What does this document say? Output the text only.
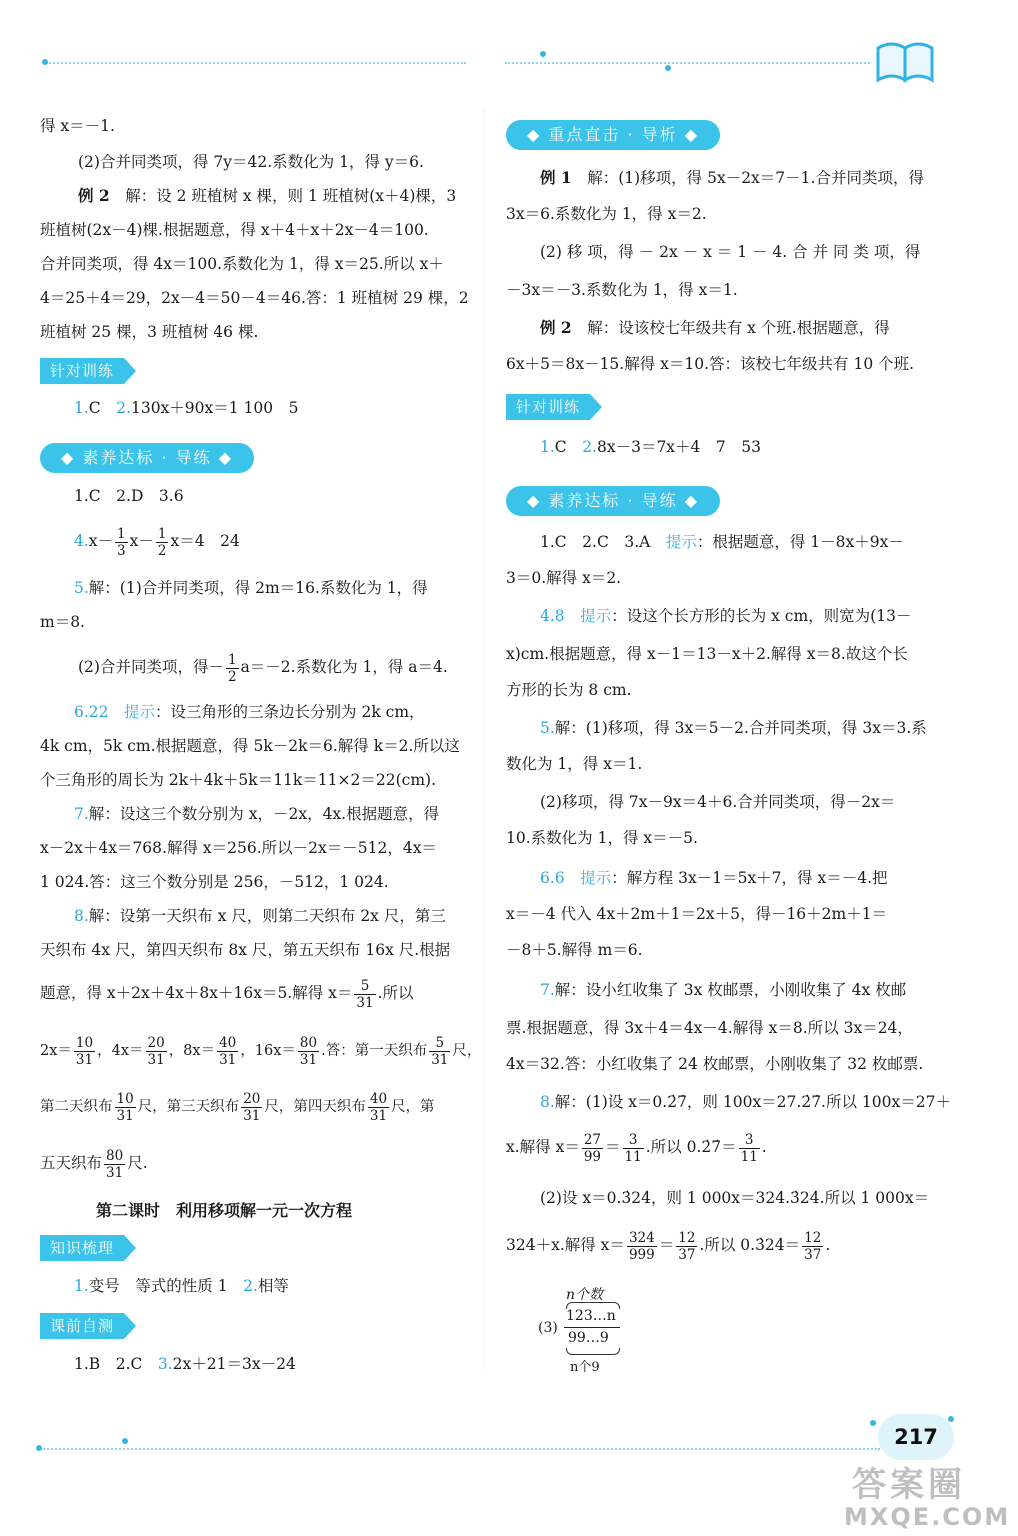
得 x＝－1.
(2)合并同类项，得 7y＝42.系数化为 1，得 y＝6.
例 2　 解：设 2 班植树 x 棵，则 1 班植树(x＋4)棵，3
班植树(2x－4)棵.根据题意，得 x＋4＋x＋2x－4＝100.
合并同类项，得 4x＝100.系数化为 1，得 x＝25.所以 x＋
4＝25＋4＝29，2x－4＝50－4＝46.答：1 班植树 29 棵，2
班植树 25 棵，3 班植树 46 棵.
针对训练
1.C　 2.130x＋90x＝1 100　5
◆ 素养达标 · 导练 ◆
1.C　 2.D　 3.6
$4.x- \frac{1}{3} x- \frac{1}{2} x=4$　24
5.解：(1)合并同类项，得 2m＝16.系数化为 1，得
m＝8.
(2)合并同类项，得－ $\frac{1}{2} a=-2$.系数化为 1，得 a＝4.
6.22　 提示：设三角形的三条边长分别为 2k cm，
4k cm，5k cm.根据题意，得 5k－2k＝6.解得 k＝2.所以这
个三角形的周长为 2k＋4k＋5k＝11k＝11×2＝22(cm).
7.解：设这三个数分别为 x，－2x，4x.根据题意，得
x－2x＋4x＝768.解得 x＝256.所以－2x＝－512，4x＝
1 024.答：这三个数分别是 256，－512，1 024.
8.解：设第一天织布 x 尺，则第二天织布 2x 尺，第三
天织布 4x 尺，第四天织布 8x 尺，第五天织布 16x 尺.根据
题意，得 x＋2x＋4x＋8x＋16x＝5.解得 $x= \frac{5}{31}$ .所以
$2x= \frac{10}{31}$ ，$4x= \frac{20}{31}$ ，$8x= \frac{40}{31}$ ，$16x= \frac{80}{31}$ .答：第一天织布 $\frac{5}{31}$ 尺，
第二天织布 $\frac{10}{31}$ 尺，第三天织布 $\frac{20}{31}$ 尺，第四天织布 $\frac{40}{31}$ 尺，第
五天织布 $\frac{80}{31}$ 尺.
第二课时　利用移项解一元一次方程
知识梳理
1.变号　等式的性质 1　 2.相等
课前自测
1.B　 2.C　 3.2x＋21＝3x－24
◆ 重点直击 · 导析 ◆
例 1　 解：(1)移项，得 5x－2x＝7－1.合并同类项，得
3x＝6.系数化为 1，得 x＝2.
(2) 移 项，得 － 2x － x ＝ 1 － 4. 合 并 同 类 项，得
－3x＝－3.系数化为 1，得 x＝1.
例 2　 解：设该校七年级共有 x 个班.根据题意，得
6x＋5＝8x－15.解得 x＝10.答：该校七年级共有 10 个班.
针对训练
1.C　 2.8x－3＝7x＋4　7　53
◆ 素养达标 · 导练 ◆
1.C　 2.C　 3.A　 提示：根据题意，得 1－8x＋9x－
3＝0.解得 x＝2.
4.8　 提示：设这个长方形的长为 x cm，则宽为(13－
x)cm.根据题意，得 x－1＝13－x＋2.解得 x＝8.故这个长
方形的长为 8 cm.
5.解：(1)移项，得 3x＝5－2.合并同类项，得 3x＝3.系
数化为 1，得 x＝1.
(2)移项，得 7x－9x＝4＋6.合并同类项，得－2x＝
10.系数化为 1，得 x＝－5.
6.6　 提示：解方程 3x－1＝5x＋7，得 x＝－4.把
x＝－4 代入 4x＋2m＋1＝2x＋5，得－16＋2m＋1＝
－8＋5.解得 m＝6.
7.解：设小红收集了 3x 枚邮票，小刚收集了 4x 枚邮
票.根据题意，得 3x＋4＝4x－4.解得 x＝8.所以 3x＝24，
4x＝32.答：小红收集了 24 枚邮票，小刚收集了 32 枚邮票.
8.解：(1)设 x＝0.2̇7̇，则 100x＝27.2̇7̇.所以 100x＝27＋
x.解得 $x= \frac{27}{99} = \frac{3}{11}$ .所以 0.2̇7̇＝ $\frac{3}{11}$ .
(2)设 x＝0.3̇24̇，则 1 000x＝324.3̇24̇.所以 1 000x＝
324＋x.解得 $x= \frac{324}{999} = \frac{12}{37}$ .所以 0.3̇24̇＝ $\frac{12}{37}$ .
(3)
n个数
123…n
99…9
n个9
217
答案圈
MXQE.COM
